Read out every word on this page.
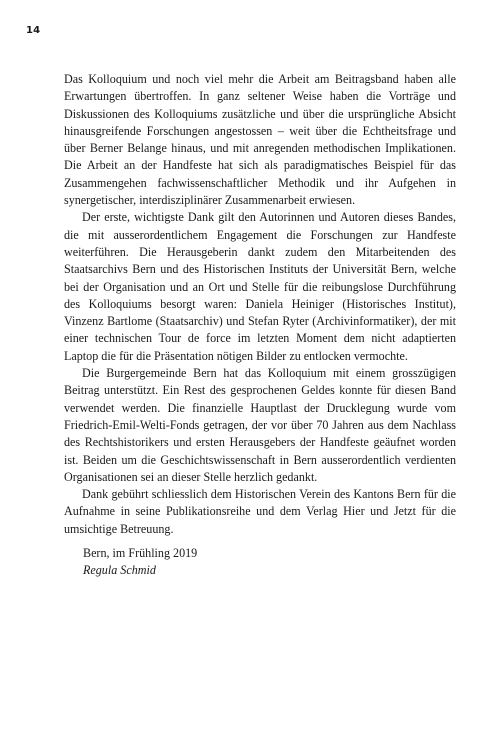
14

Das Kolloquium und noch viel mehr die Arbeit am Beitragsband haben alle Erwartungen übertroffen. In ganz seltener Weise haben die Vorträge und Diskussionen des Kolloquiums zusätzliche und über die ursprüngliche Absicht hinausgreifende Forschungen angestossen – weit über die Echtheitsfrage und über Berner Belange hinaus, und mit anregenden methodischen Implikationen. Die Arbeit an der Handfeste hat sich als paradigmatisches Beispiel für das Zusammengehen fachwissenschaftlicher Methodik und ihr Aufgehen in synergetischer, interdisziplinärer Zusammenarbeit erwiesen.

Der erste, wichtigste Dank gilt den Autorinnen und Autoren dieses Bandes, die mit ausserordentlichem Engagement die Forschungen zur Handfeste weiterführen. Die Herausgeberin dankt zudem den Mitarbeitenden des Staatsarchivs Bern und des Historischen Instituts der Universität Bern, welche bei der Organisation und an Ort und Stelle für die reibungslose Durchführung des Kolloquiums besorgt waren: Daniela Heiniger (Historisches Institut), Vinzenz Bartlome (Staatsarchiv) und Stefan Ryter (Archivinformatiker), der mit einer technischen Tour de force im letzten Moment dem nicht adaptierten Laptop die für die Präsentation nötigen Bilder zu entlocken vermochte.

Die Burgergemeinde Bern hat das Kolloquium mit einem grosszügigen Beitrag unterstützt. Ein Rest des gesprochenen Geldes konnte für diesen Band verwendet werden. Die finanzielle Hauptlast der Drucklegung wurde vom Friedrich-Emil-Welti-Fonds getragen, der vor über 70 Jahren aus dem Nachlass des Rechtshistorikers und ersten Herausgebers der Handfeste geäufnet worden ist. Beiden um die Geschichtswissenschaft in Bern ausserordentlich verdienten Organisationen sei an dieser Stelle herzlich gedankt.

Dank gebührt schliesslich dem Historischen Verein des Kantons Bern für die Aufnahme in seine Publikationsreihe und dem Verlag Hier und Jetzt für die umsichtige Betreuung.

Bern, im Frühling 2019
Regula Schmid
